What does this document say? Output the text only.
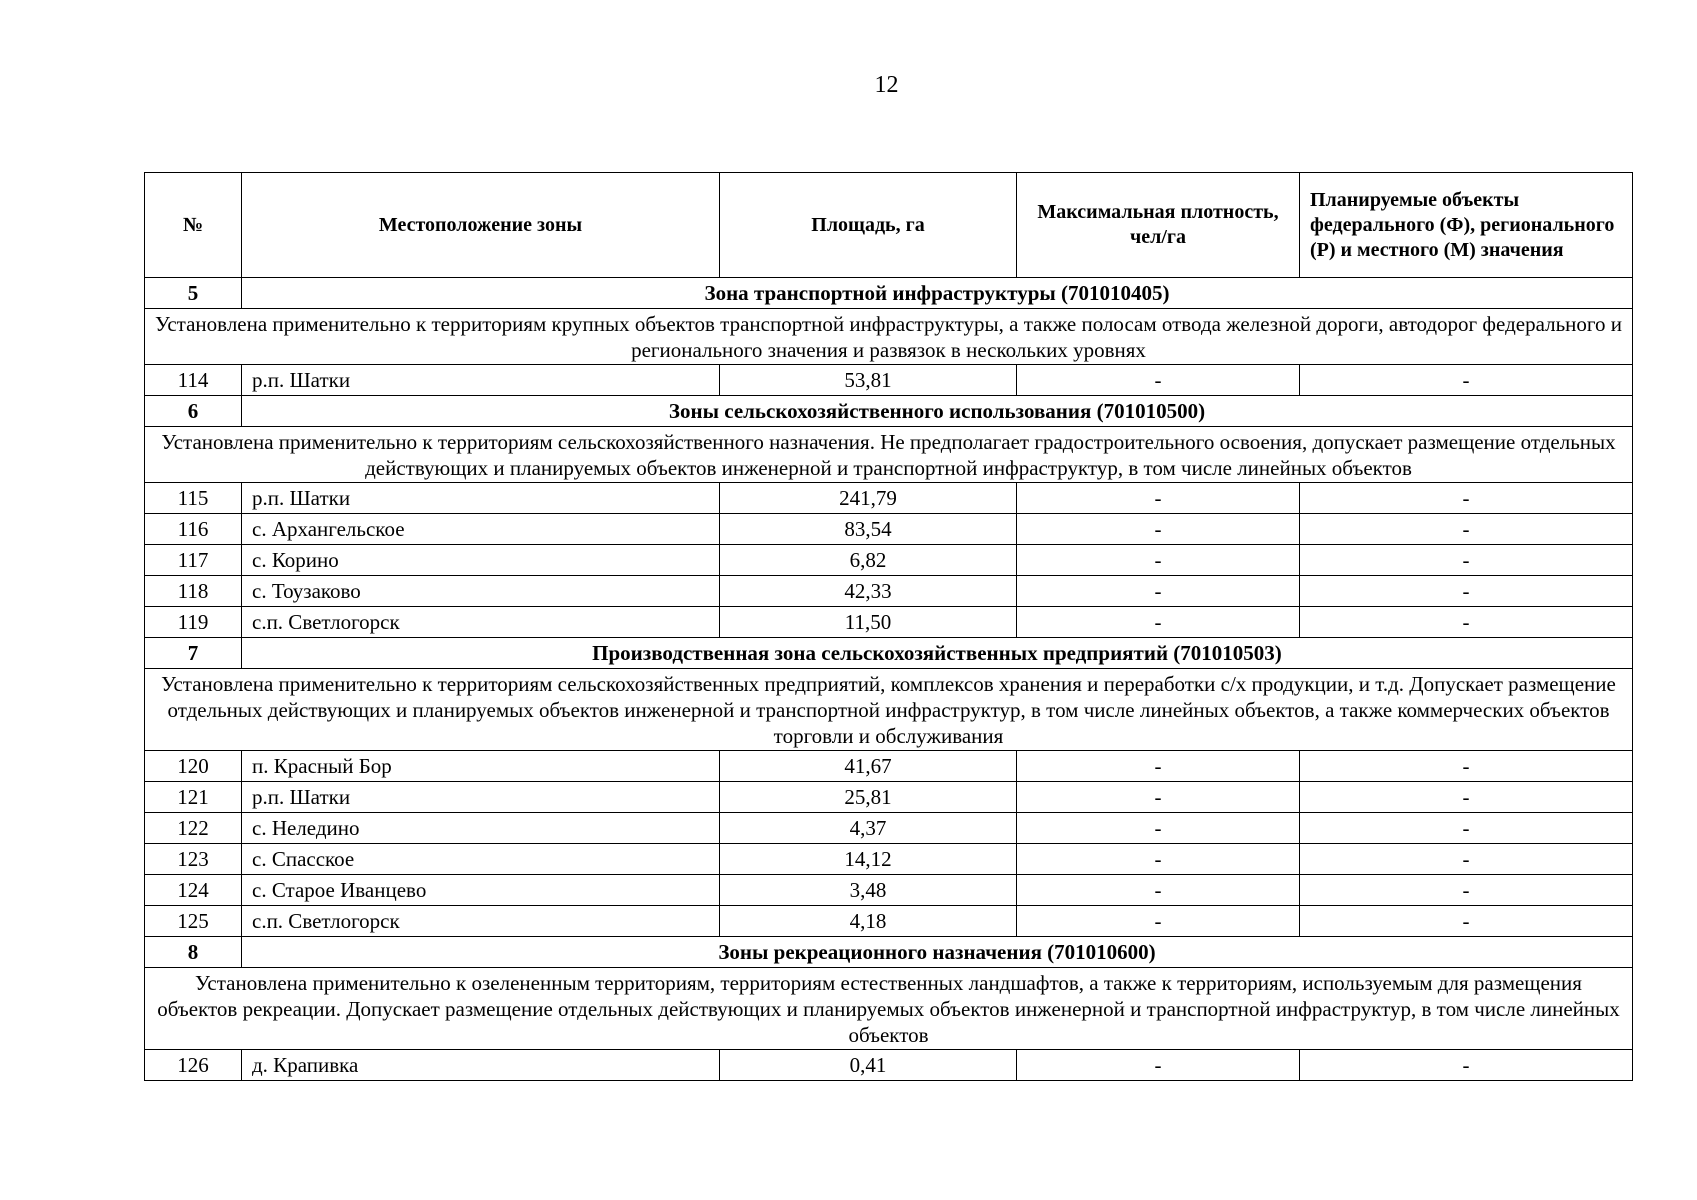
12
№	Местоположение зоны	Площадь, га	Максимальная плотность, чел/га	Планируемые объекты федерального (Ф), регионального (Р) и местного (М) значения
5	Зона транспортной инфраструктуры (701010405)			
Установлена применительно к территориям крупных объектов транспортной инфраструктуры, а также полосам отвода железной дороги, автодорог федерального и регионального значения и развязок в нескольких уровнях				
114	р.п. Шатки	53,81	-	-
6	Зоны сельскохозяйственного использования (701010500)			
Установлена применительно к территориям сельскохозяйственного назначения. Не предполагает градостроительного освоения, допускает размещение отдельных действующих и планируемых объектов инженерной и транспортной инфраструктур, в том числе линейных объектов				
115	р.п. Шатки	241,79	-	-
116	с. Архангельское	83,54	-	-
117	с. Корино	6,82	-	-
118	с. Тоузаково	42,33	-	-
119	с.п. Светлогорск	11,50	-	-
7	Производственная зона сельскохозяйственных предприятий (701010503)			
Установлена применительно к территориям сельскохозяйственных предприятий, комплексов хранения и переработки с/х продукции, и т.д. Допускает размещение отдельных действующих и планируемых объектов инженерной и транспортной инфраструктур, в том числе линейных объектов, а также коммерческих объектов торговли и обслуживания				
120	п. Красный Бор	41,67	-	-
121	р.п. Шатки	25,81	-	-
122	с. Неледино	4,37	-	-
123	с. Спасское	14,12	-	-
124	с. Старое Иванцево	3,48	-	-
125	с.п. Светлогорск	4,18	-	-
8	Зоны рекреационного назначения (701010600)			
Установлена применительно к озелененным территориям, территориям естественных ландшафтов, а также к территориям, используемым для размещения объектов рекреации. Допускает размещение отдельных действующих и планируемых объектов инженерной и транспортной инфраструктур, в том числе линейных объектов				
126	д. Крапивка	0,41	-	-
